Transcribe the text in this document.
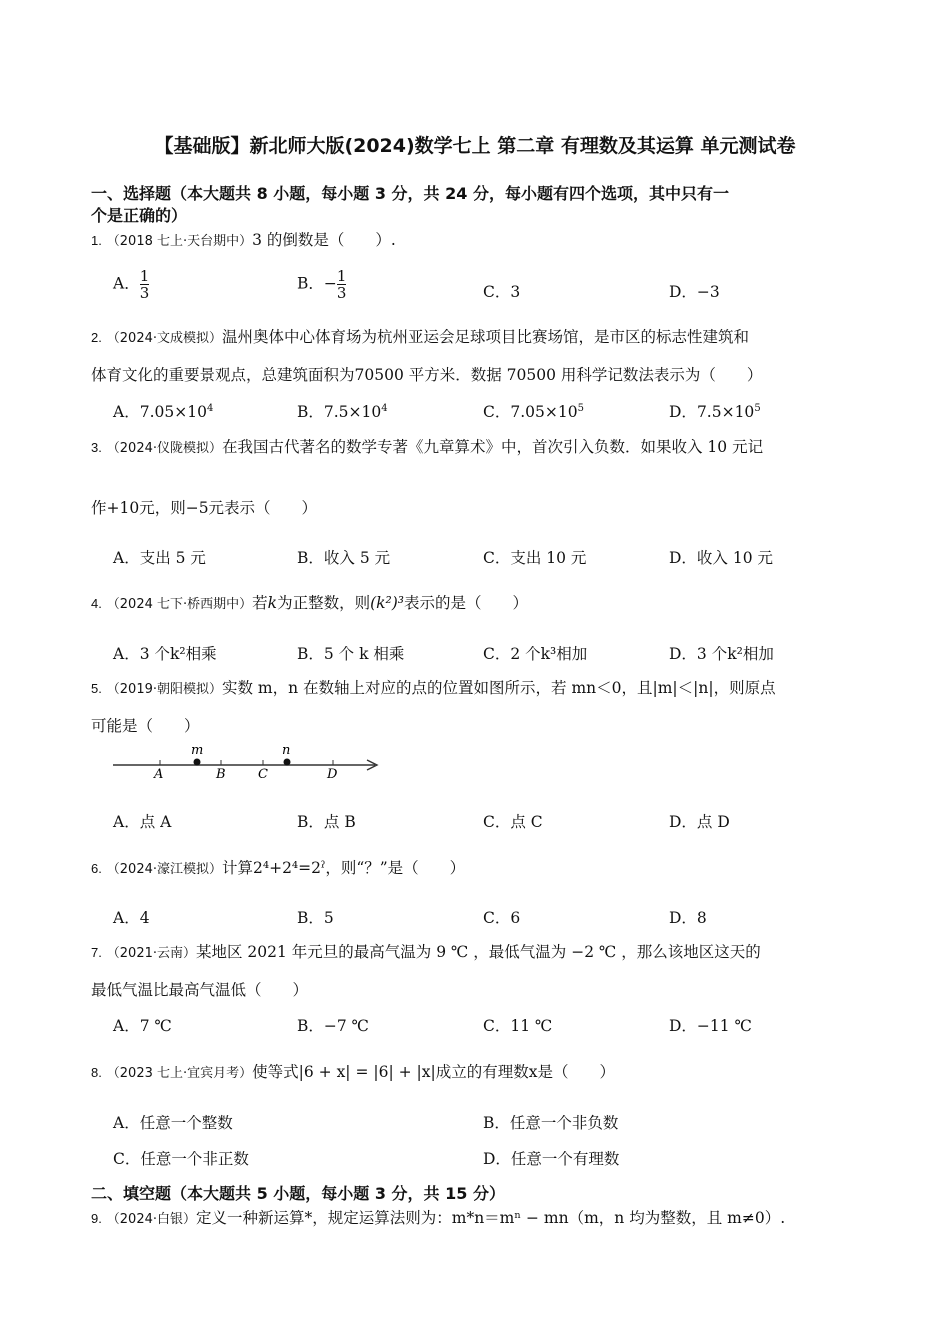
【基础版】新北师大版(2024)数学七上 第二章 有理数及其运算 单元测试卷
一、选择题（本大题共 8 小题，每小题 3 分，共 24 分，每小题有四个选项，其中只有一
个是正确的）
1. （2018 七上·天台期中）3 的倒数是（　　）.
A． $\frac{1}{3}$	B．− $\frac{1}{3}$	C．3	D．−3
2. （2024·文成模拟）温州奥体中心体育场为杭州亚运会足球项目比赛场馆，是市区的标志性建筑和
体育文化的重要景观点，总建筑面积为70500 平方米．数据 70500 用科学记数法表示为（　　）
A．$7.05\times 10^4$	B．$7.5\times 10^4$	C．$7.05\times 10^5$	D．$7.5\times 10^5$
3. （2024·仪陇模拟）在我国古代著名的数学专著《九章算术》中，首次引入负数．如果收入 10 元记
作+10元，则−5元表示（　　）
A．支出 5 元	B．收入 5 元	C．支出 10 元	D．收入 10 元
4. （2024 七下·桥西期中）若k为正整数，则(k²)³表示的是（　　）
A．3 个k²相乘	B．5 个 k 相乘	C．2 个k³相加	D．3 个k²相加
5. （2019·朝阳模拟）实数 m，n 在数轴上对应的点的位置如图所示，若 mn＜0，且|m|＜|n|，则原点
可能是（　　）
m	n
A	B C	D
A．点 A	B．点 B	C．点 C	D．点 D
6. （2024·濠江模拟）计算2⁴+2⁴=2ˀ，则“？”是（　　）
A．4	B．5	C．6	D．8
7. （2021·云南）某地区 2021 年元旦的最高气温为 9 ℃ ，最低气温为 −2 ℃ ，那么该地区这天的
最低气温比最高气温低（　　）
A．7 ℃	B．−7 ℃	C．11 ℃	D．−11 ℃
8. （2023 七上·宜宾月考）使等式|6 + x| = |6| + |x|成立的有理数x是（　　）
A．任意一个整数	B．任意一个非负数
C．任意一个非正数	D．任意一个有理数
二、填空题（本大题共 5 小题，每小题 3 分，共 15 分）
9. （2024·白银）定义一种新运算*，规定运算法则为：m*n＝mⁿ − mn（m，n 均为整数，且 m≠0）.
